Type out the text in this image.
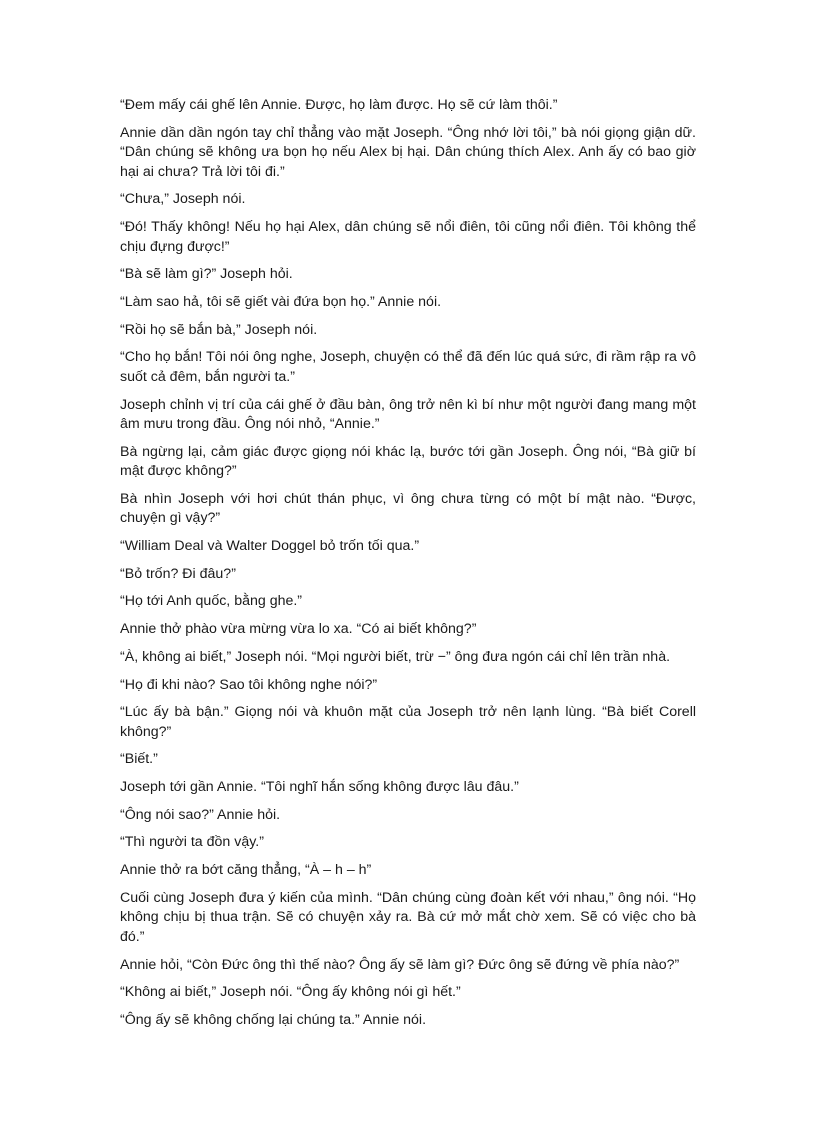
“Đem mấy cái ghế lên Annie. Được, họ làm được. Họ sẽ cứ làm thôi.”

Annie dần dần ngón tay chỉ thẳng vào mặt Joseph. “Ông nhớ lời tôi,” bà nói giọng giận dữ. “Dân chúng sẽ không ưa bọn họ nếu Alex bị hại. Dân chúng thích Alex. Anh ấy có bao giờ hại ai chưa? Trả lời tôi đi.”

“Chưa,” Joseph nói.

“Đó! Thấy không! Nếu họ hại Alex, dân chúng sẽ nổi điên, tôi cũng nổi điên. Tôi không thể chịu đựng được!”

“Bà sẽ làm gì?” Joseph hỏi.

“Làm sao hả, tôi sẽ giết vài đứa bọn họ.” Annie nói.

“Rồi họ sẽ bắn bà,” Joseph nói.

“Cho họ bắn! Tôi nói ông nghe, Joseph, chuyện có thể đã đến lúc quá sức, đi rầm rập ra vô suốt cả đêm, bắn người ta.”

Joseph chỉnh vị trí của cái ghế ở đầu bàn, ông trở nên kì bí như một người đang mang một âm mưu trong đầu. Ông nói nhỏ, “Annie.”

Bà ngừng lại, cảm giác được giọng nói khác lạ, bước tới gần Joseph. Ông nói, “Bà giữ bí mật được không?”

Bà nhìn Joseph với hơi chút thán phục, vì ông chưa từng có một bí mật nào. “Được, chuyện gì vậy?”

“William Deal và Walter Doggel bỏ trốn tối qua.”

“Bỏ trốn? Đi đâu?”

“Họ tới Anh quốc, bằng ghe.”

Annie thở phào vừa mừng vừa lo xa. “Có ai biết không?”

“À, không ai biết,” Joseph nói. “Mọi người biết, trừ −” ông đưa ngón cái chỉ lên trần nhà.

“Họ đi khi nào? Sao tôi không nghe nói?”

“Lúc ấy bà bận.” Giọng nói và khuôn mặt của Joseph trở nên lạnh lùng. “Bà biết Corell không?”

“Biết.”

Joseph tới gần Annie. “Tôi nghĩ hắn sống không được lâu đâu.”

“Ông nói sao?” Annie hỏi.

“Thì người ta đồn vậy.”

Annie thở ra bớt căng thẳng, “À – h – h”

Cuối cùng Joseph đưa ý kiến của mình. “Dân chúng cùng đoàn kết với nhau,” ông nói. “Họ không chịu bị thua trận. Sẽ có chuyện xảy ra. Bà cứ mở mắt chờ xem. Sẽ có việc cho bà đó.”

Annie hỏi, “Còn Đức ông thì thế nào? Ông ấy sẽ làm gì? Đức ông sẽ đứng về phía nào?”

“Không ai biết,” Joseph nói. “Ông ấy không nói gì hết.”

“Ông ấy sẽ không chống lại chúng ta.” Annie nói.
